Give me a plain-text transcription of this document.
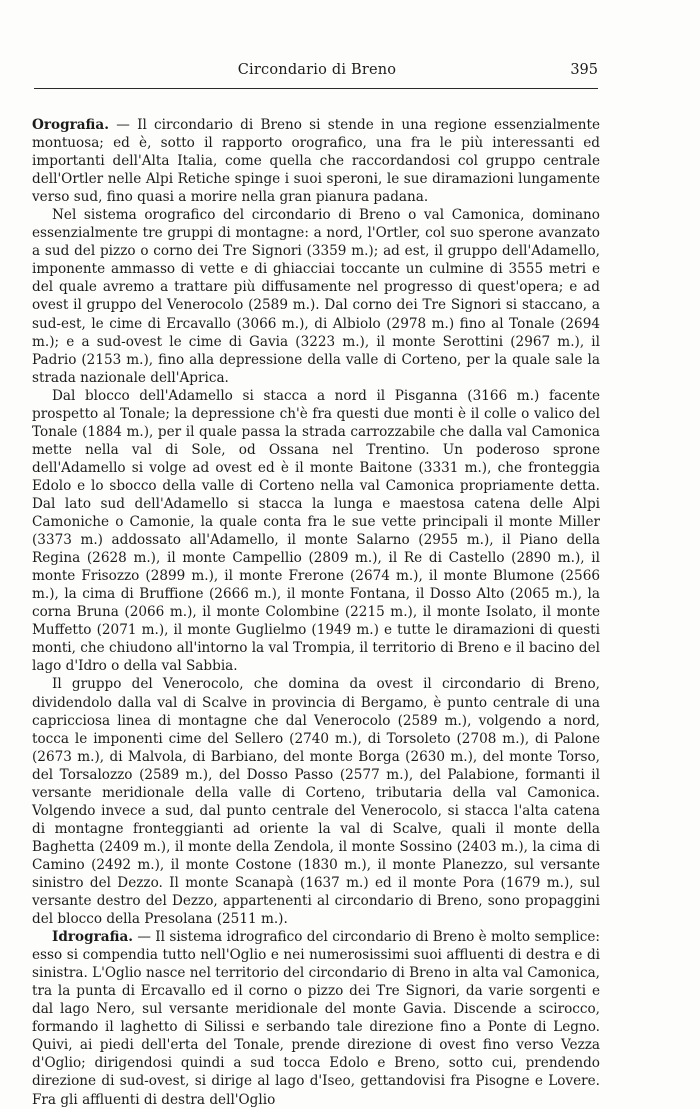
Circondario di Breno	395

Orografia. — Il circondario di Breno si stende in una regione essenzialmente montuosa; ed è, sotto il rapporto orografico, una fra le più interessanti ed importanti dell'Alta Italia, come quella che raccordandosi col gruppo centrale dell'Ortler nelle Alpi Retiche spinge i suoi speroni, le sue diramazioni lungamente verso sud, fino quasi a morire nella gran pianura padana.

Nel sistema orografico del circondario di Breno o val Camonica, dominano essenzialmente tre gruppi di montagne: a nord, l'Ortler, col suo sperone avanzato a sud del pizzo o corno dei Tre Signori (3359 m.); ad est, il gruppo dell'Adamello, imponente ammasso di vette e di ghiacciai toccante un culmine di 3555 metri e del quale avremo a trattare più diffusamente nel progresso di quest'opera; e ad ovest il gruppo del Venerocolo (2589 m.). Dal corno dei Tre Signori si staccano, a sud-est, le cime di Ercavallo (3066 m.), di Albiolo (2978 m.) fino al Tonale (2694 m.); e a sud-ovest le cime di Gavia (3223 m.), il monte Serottini (2967 m.), il Padrio (2153 m.), fino alla depressione della valle di Corteno, per la quale sale la strada nazionale dell'Aprica.

Dal blocco dell'Adamello si stacca a nord il Pisganna (3166 m.) facente prospetto al Tonale; la depressione ch'è fra questi due monti è il colle o valico del Tonale (1884 m.), per il quale passa la strada carrozzabile che dalla val Camonica mette nella val di Sole, od Ossana nel Trentino. Un poderoso sprone dell'Adamello si volge ad ovest ed è il monte Baitone (3331 m.), che fronteggia Edolo e lo sbocco della valle di Corteno nella val Camonica propriamente detta. Dal lato sud dell'Adamello si stacca la lunga e maestosa catena delle Alpi Camoniche o Camonie, la quale conta fra le sue vette principali il monte Miller (3373 m.) addossato all'Adamello, il monte Salarno (2955 m.), il Piano della Regina (2628 m.), il monte Campellio (2809 m.), il Re di Castello (2890 m.), il monte Frisozzo (2899 m.), il monte Frerone (2674 m.), il monte Blumone (2566 m.), la cima di Bruffione (2666 m.), il monte Fontana, il Dosso Alto (2065 m.), la corna Bruna (2066 m.), il monte Colombine (2215 m.), il monte Isolato, il monte Muffetto (2071 m.), il monte Guglielmo (1949 m.) e tutte le diramazioni di questi monti, che chiudono all'intorno la val Trompia, il territorio di Breno e il bacino del lago d'Idro o della val Sabbia.

Il gruppo del Venerocolo, che domina da ovest il circondario di Breno, dividendolo dalla val di Scalve in provincia di Bergamo, è punto centrale di una capricciosa linea di montagne che dal Venerocolo (2589 m.), volgendo a nord, tocca le imponenti cime del Sellero (2740 m.), di Torsoleto (2708 m.), di Palone (2673 m.), di Malvola, di Barbiano, del monte Borga (2630 m.), del monte Torso, del Torsalozzo (2589 m.), del Dosso Passo (2577 m.), del Palabione, formanti il versante meridionale della valle di Corteno, tributaria della val Camonica. Volgendo invece a sud, dal punto centrale del Venerocolo, si stacca l'alta catena di montagne fronteggianti ad oriente la val di Scalve, quali il monte della Baghetta (2409 m.), il monte della Zendola, il monte Sossino (2403 m.), la cima di Camino (2492 m.), il monte Costone (1830 m.), il monte Planezzo, sul versante sinistro del Dezzo. Il monte Scanapà (1637 m.) ed il monte Pora (1679 m.), sul versante destro del Dezzo, appartenenti al circondario di Breno, sono propaggini del blocco della Presolana (2511 m.).

Idrografia. — Il sistema idrografico del circondario di Breno è molto semplice: esso si compendia tutto nell'Oglio e nei numerosissimi suoi affluenti di destra e di sinistra. L'Oglio nasce nel territorio del circondario di Breno in alta val Camonica, tra la punta di Ercavallo ed il corno o pizzo dei Tre Signori, da varie sorgenti e dal lago Nero, sul versante meridionale del monte Gavia. Discende a scirocco, formando il laghetto di Silissi e serbando tale direzione fino a Ponte di Legno. Quivi, ai piedi dell'erta del Tonale, prende direzione di ovest fino verso Vezza d'Oglio; dirigendosi quindi a sud tocca Edolo e Breno, sotto cui, prendendo direzione di sud-ovest, si dirige al lago d'Iseo, gettandovisi fra Pisogne e Lovere. Fra gli affluenti di destra dell'Oglio
